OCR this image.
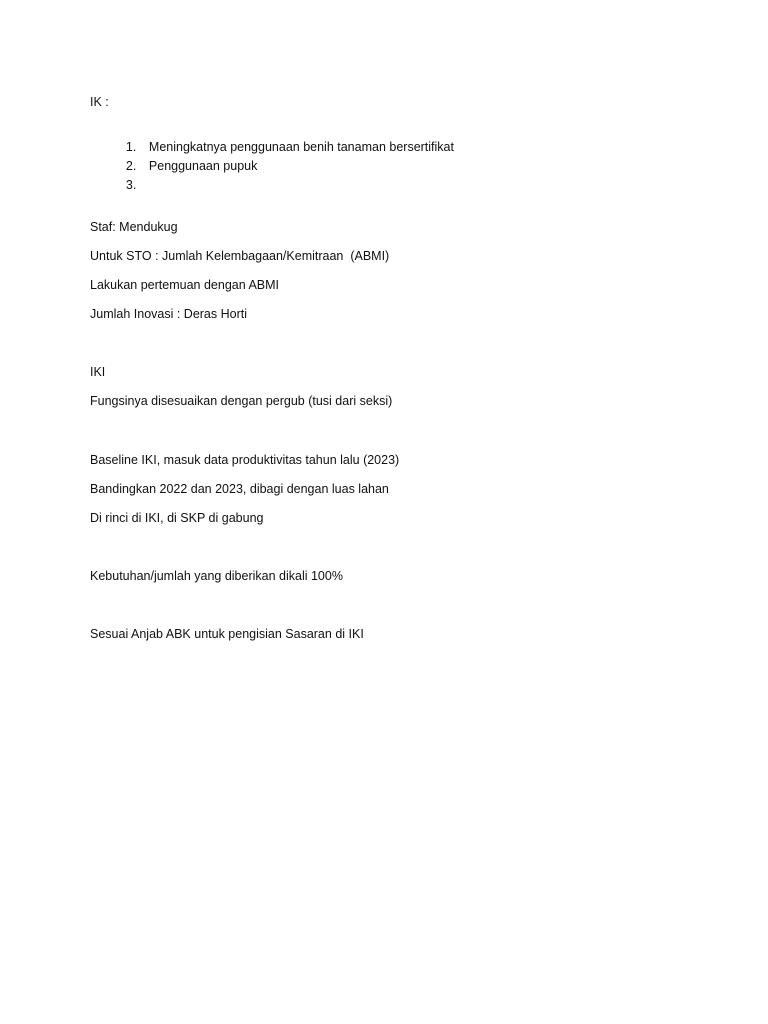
IK :

1. Meningkatnya penggunaan benih tanaman bersertifikat

2. Penggunaan pupuk

3.

Staf: Mendukug
Untuk STO : Jumlah Kelembagaan/Kemitraan  (ABMI)
Lakukan pertemuan dengan ABMI
Jumlah Inovasi : Deras Horti
IKI
Fungsinya disesuaikan dengan pergub (tusi dari seksi)
Baseline IKI, masuk data produktivitas tahun lalu (2023)
Bandingkan 2022 dan 2023, dibagi dengan luas lahan
Di rinci di IKI, di SKP di gabung
Kebutuhan/jumlah yang diberikan dikali 100%
Sesuai Anjab ABK untuk pengisian Sasaran di IKI
